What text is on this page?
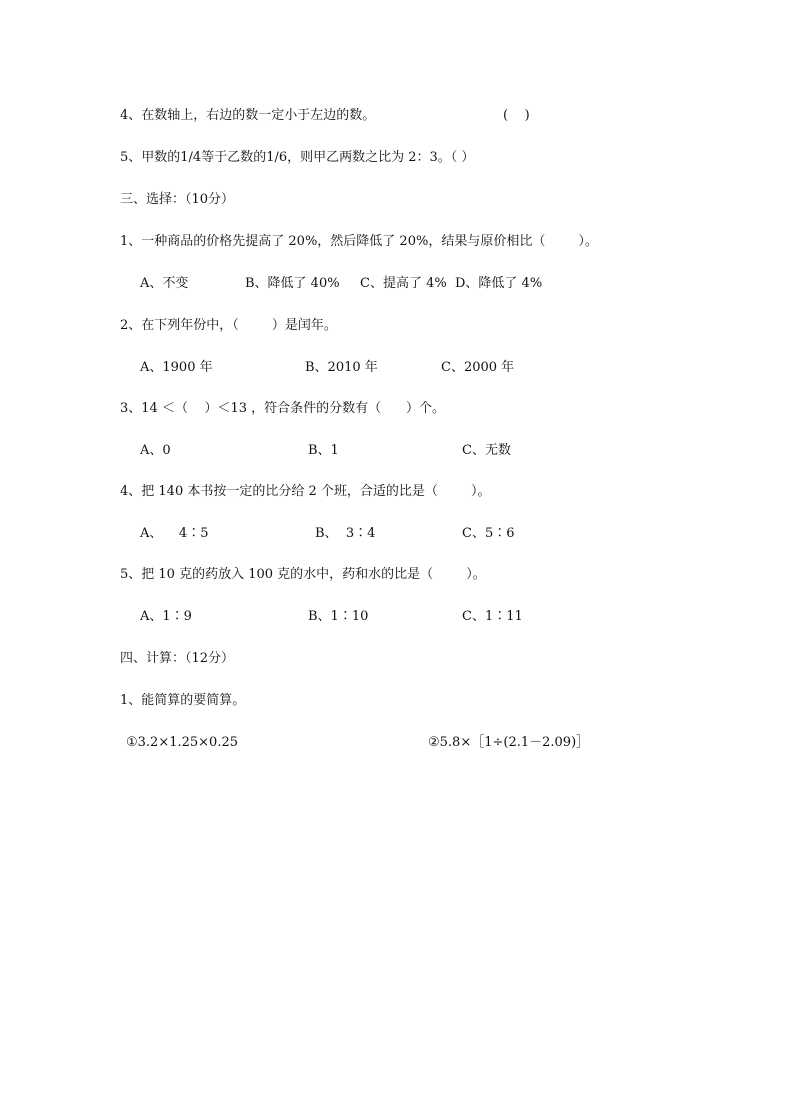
4、在数轴上，右边的数一定小于左边的数。	(    )
5、甲数的1/4等于乙数的1/6，则甲乙两数之比为 2：3。（ ）
三、选择：（10分）
1、一种商品的价格先提高了 20%，然后降低了 20%，结果与原价相比（        ）。
A、不变	B、降低了 40% C、提高了 4% D、降低了 4%
2、在下列年份中，（        ）是闰年。
A、1900 年	B、2010 年	C、2000 年
3、14 ＜（    ）＜13 ，符合条件的分数有（      ）个。
A、0	B、1	C、无数
4、把 140 本书按一定的比分给 2 个班，合适的比是（        ）。
A、    4∶5	B、  3∶4	C、5∶6
5、把 10 克的药放入 100 克的水中，药和水的比是（        ）。
A、1∶9	B、1∶10	C、1∶11
四、计算：（12分）
1、能简算的要简算。
①3.2×1.25×0.25	②5.8×［1÷(2.1－2.09)］
